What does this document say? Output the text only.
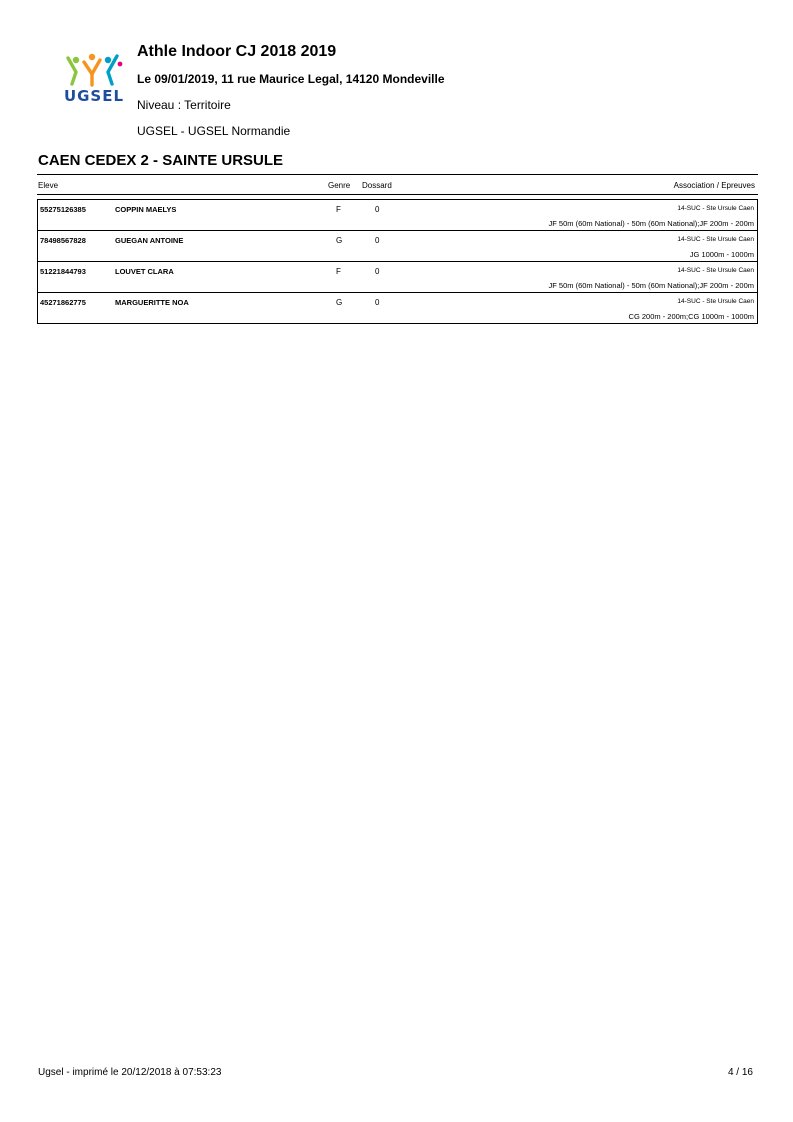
UGSEL
Athle Indoor CJ 2018 2019
Le 09/01/2019, 11 rue Maurice Legal, 14120 Mondeville
Niveau : Territoire
UGSEL - UGSEL Normandie
CAEN CEDEX 2 - SAINTE URSULE
Eleve	Genre Dossard	Association / Epreuves
55275126385	COPPIN MAELYS	F	0	14-SUC - Ste Ursule Caen
JF 50m (60m National) - 50m (60m National);JF 200m - 200m
78498567828	GUEGAN ANTOINE	G	0	14-SUC - Ste Ursule Caen
JG 1000m - 1000m
51221844793	LOUVET CLARA	F	0	14-SUC - Ste Ursule Caen
JF 50m (60m National) - 50m (60m National);JF 200m - 200m
45271862775	MARGUERITTE NOA	G	0	14-SUC - Ste Ursule Caen
CG 200m - 200m;CG 1000m - 1000m
Ugsel - imprimé le 20/12/2018 à 07:53:23	4 / 16
